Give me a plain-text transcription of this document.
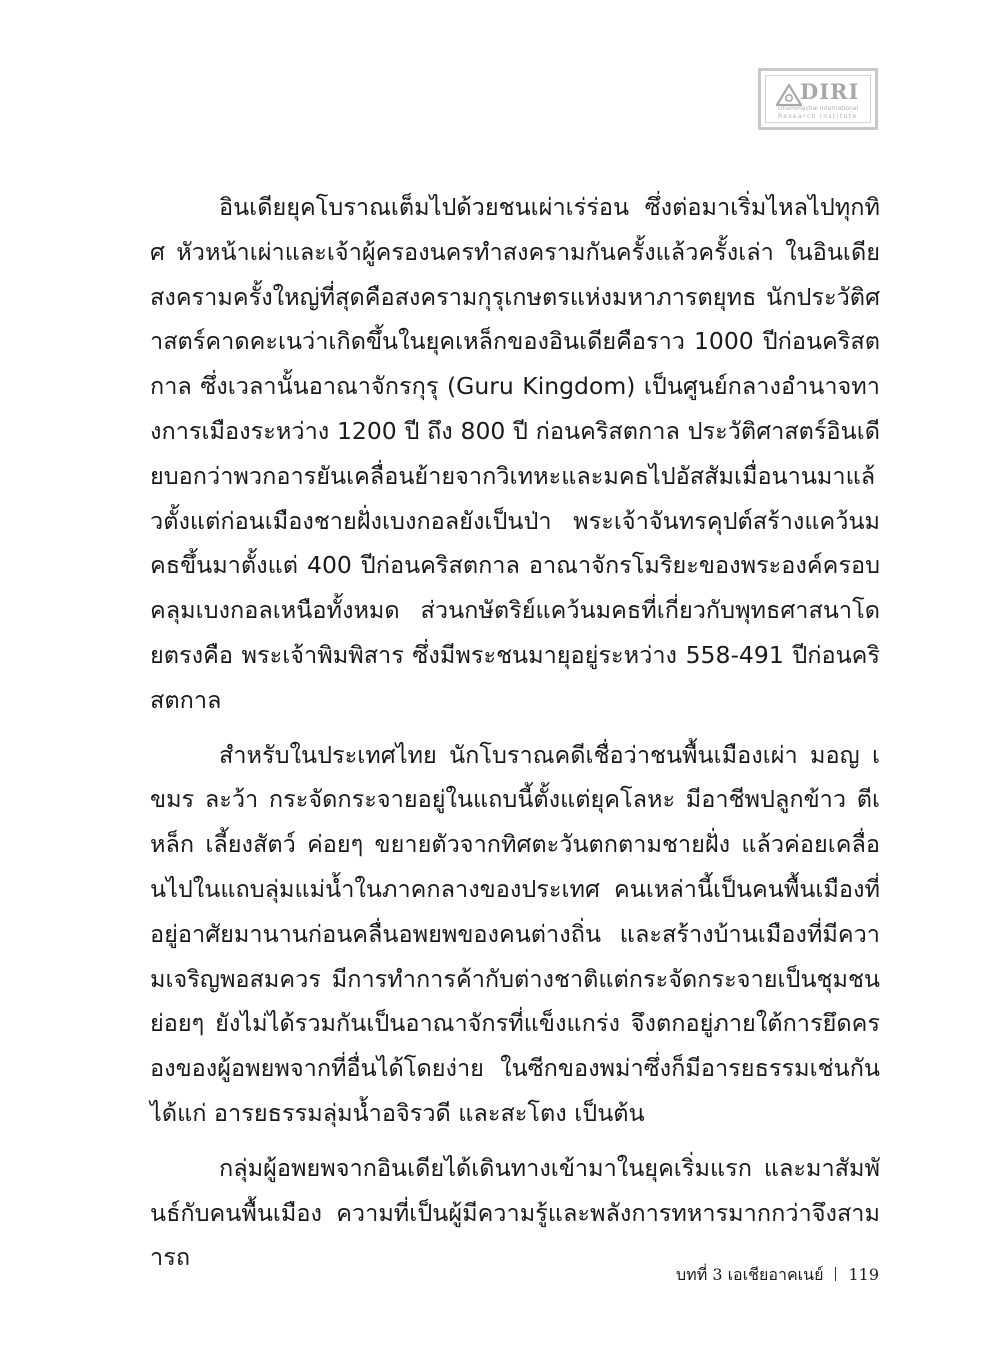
DIRI
Dhammachai International
Research Institute

อินเดียยุคโบราณเต็มไปด้วยชนเผ่าเร่ร่อน ซึ่งต่อมาเริ่มไหลไปทุกทิศ หัวหน้าเผ่าและเจ้าผู้ครองนครทำสงครามกันครั้งแล้วครั้งเล่า ในอินเดียสงครามครั้งใหญ่ที่สุดคือสงครามกุรุเกษตรแห่งมหาภารตยุทธ นักประวัติศาสตร์คาดคะเนว่าเกิดขึ้นในยุคเหล็กของอินเดียคือราว 1000 ปีก่อนคริสตกาล ซึ่งเวลานั้นอาณาจักรกุรุ (Guru Kingdom) เป็นศูนย์กลางอำนาจทางการเมืองระหว่าง 1200 ปี ถึง 800 ปี ก่อนคริสตกาล ประวัติศาสตร์อินเดียบอกว่าพวกอารยันเคลื่อนย้ายจากวิเทหะและมคธไปอัสสัมเมื่อนานมาแล้วตั้งแต่ก่อนเมืองชายฝั่งเบงกอลยังเป็นป่า พระเจ้าจันทรคุปต์สร้างแคว้นมคธขึ้นมาตั้งแต่ 400 ปีก่อนคริสตกาล อาณาจักรโมริยะของพระองค์ครอบคลุมเบงกอลเหนือทั้งหมด ส่วนกษัตริย์แคว้นมคธที่เกี่ยวกับพุทธศาสนาโดยตรงคือ พระเจ้าพิมพิสาร ซึ่งมีพระชนมายุอยู่ระหว่าง 558-491 ปีก่อนคริสตกาล

สำหรับในประเทศไทย นักโบราณคดีเชื่อว่าชนพื้นเมืองเผ่า มอญ เขมร ละว้า กระจัดกระจายอยู่ในแถบนี้ตั้งแต่ยุคโลหะ มีอาชีพปลูกข้าว ตีเหล็ก เลี้ยงสัตว์ ค่อยๆ ขยายตัวจากทิศตะวันตกตามชายฝั่ง แล้วค่อยเคลื่อนไปในแถบลุ่มแม่น้ำในภาคกลางของประเทศ คนเหล่านี้เป็นคนพื้นเมืองที่อยู่อาศัยมานานก่อนคลื่นอพยพของคนต่างถิ่น และสร้างบ้านเมืองที่มีความเจริญพอสมควร มีการทำการค้ากับต่างชาติแต่กระจัดกระจายเป็นชุมชนย่อยๆ ยังไม่ได้รวมกันเป็นอาณาจักรที่แข็งแกร่ง จึงตกอยู่ภายใต้การยึดครองของผู้อพยพจากที่อื่นได้โดยง่าย ในซีกของพม่าซึ่งก็มีอารยธรรมเช่นกัน ได้แก่ อารยธรรมลุ่มน้ำอจิรวดี และสะโตง เป็นต้น

กลุ่มผู้อพยพจากอินเดียได้เดินทางเข้ามาในยุคเริ่มแรก และมาสัมพันธ์กับคนพื้นเมือง ความที่เป็นผู้มีความรู้และพลังการทหารมากกว่าจึงสามารถ

บทที่ 3 เอเชียอาคเนย์ 119
